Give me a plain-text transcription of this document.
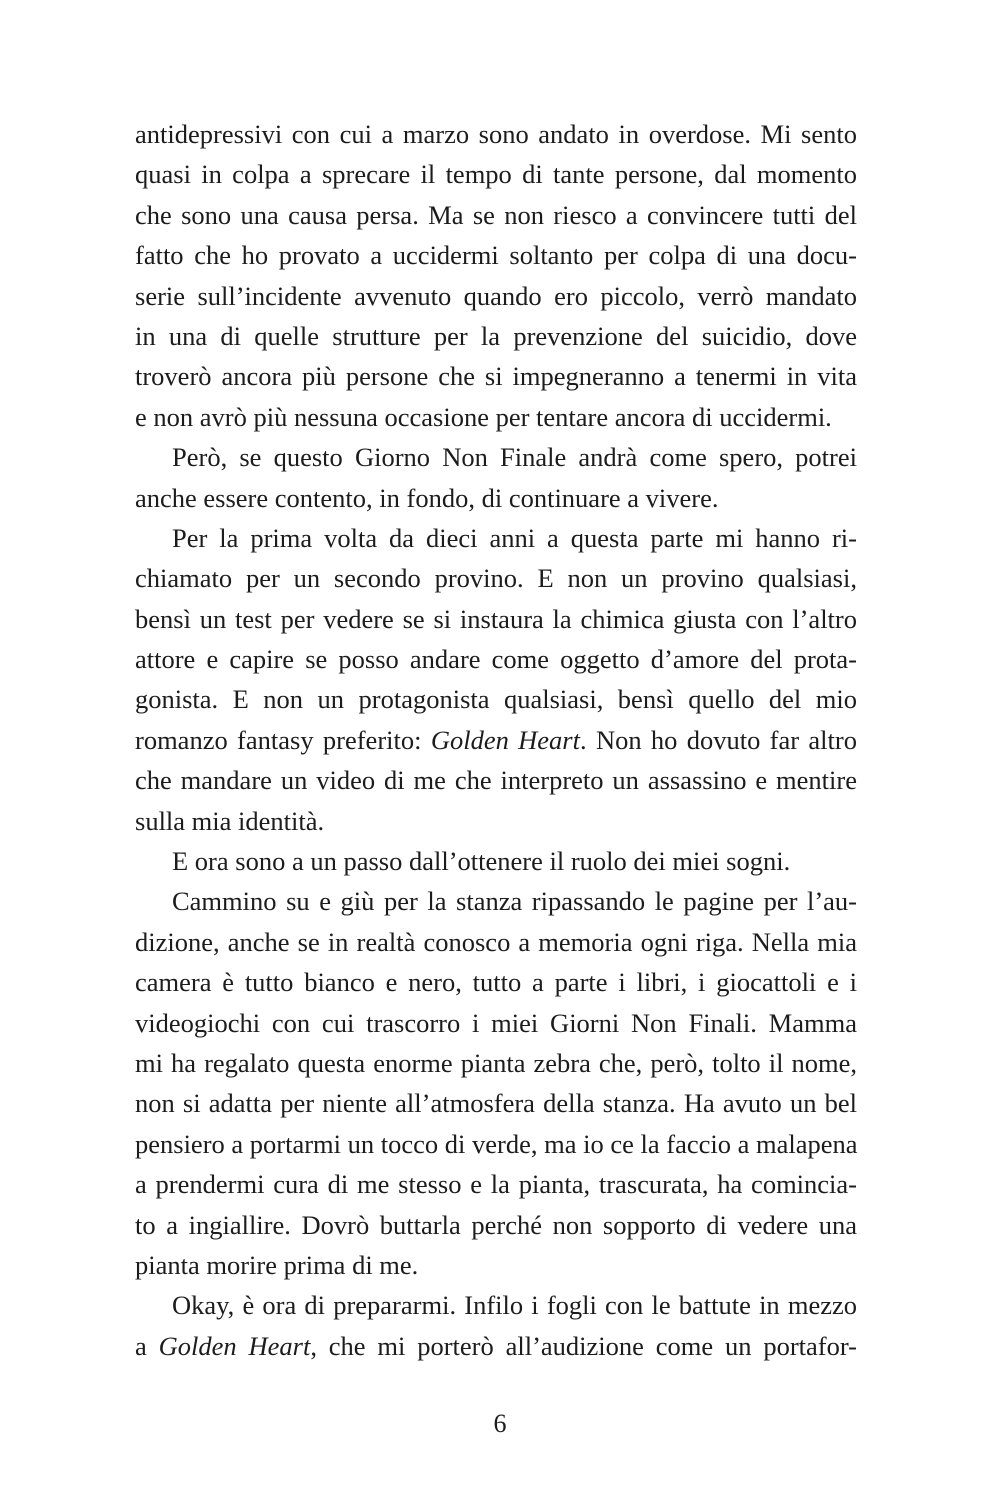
antidepressivi con cui a marzo sono andato in overdose. Mi sento
quasi in colpa a sprecare il tempo di tante persone, dal momento
che sono una causa persa. Ma se non riesco a convincere tutti del
fatto che ho provato a uccidermi soltanto per colpa di una docu-
serie sull’incidente avvenuto quando ero piccolo, verrò mandato
in una di quelle strutture per la prevenzione del suicidio, dove
troverò ancora più persone che si impegneranno a tenermi in vita
e non avrò più nessuna occasione per tentare ancora di uccidermi.
Però, se questo Giorno Non Finale andrà come spero, potrei
anche essere contento, in fondo, di continuare a vivere.
Per la prima volta da dieci anni a questa parte mi hanno ri-
chiamato per un secondo provino. E non un provino qualsiasi,
bensì un test per vedere se si instaura la chimica giusta con l’altro
attore e capire se posso andare come oggetto d’amore del prota-
gonista. E non un protagonista qualsiasi, bensì quello del mio
romanzo fantasy preferito: Golden Heart. Non ho dovuto far altro
che mandare un video di me che interpreto un assassino e mentire
sulla mia identità.
E ora sono a un passo dall’ottenere il ruolo dei miei sogni.
Cammino su e giù per la stanza ripassando le pagine per l’au-
dizione, anche se in realtà conosco a memoria ogni riga. Nella mia
camera è tutto bianco e nero, tutto a parte i libri, i giocattoli e i
videogiochi con cui trascorro i miei Giorni Non Finali. Mamma
mi ha regalato questa enorme pianta zebra che, però, tolto il nome,
non si adatta per niente all’atmosfera della stanza. Ha avuto un bel
pensiero a portarmi un tocco di verde, ma io ce la faccio a malapena
a prendermi cura di me stesso e la pianta, trascurata, ha comincia-
to a ingiallire. Dovrò buttarla perché non sopporto di vedere una
pianta morire prima di me.
Okay, è ora di prepararmi. Infilo i fogli con le battute in mezzo
a Golden Heart, che mi porterò all’audizione come un portafor-
6
